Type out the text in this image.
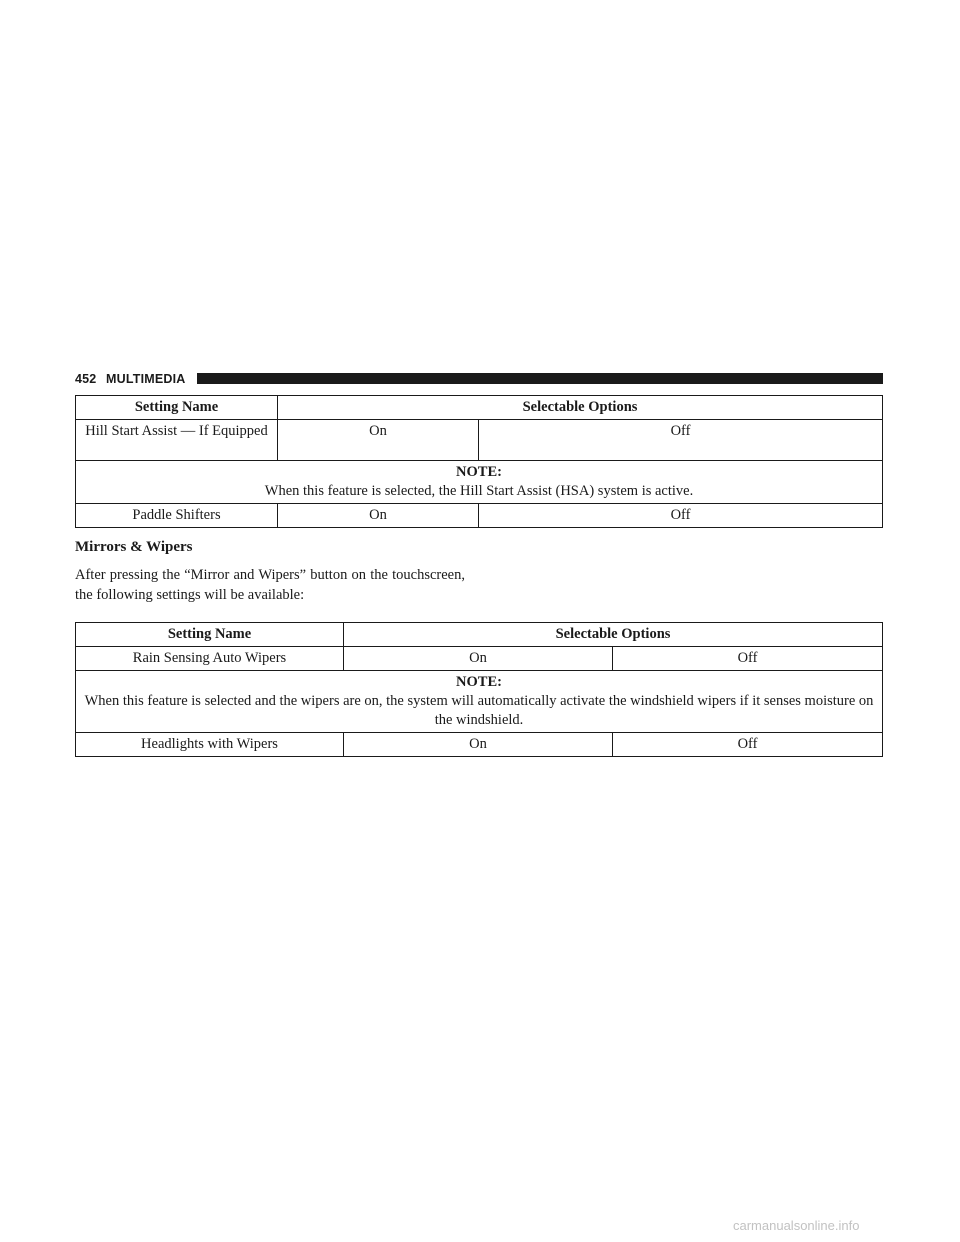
452 MULTIMEDIA
Setting Name	Selectable Options	
Hill Start Assist — If Equipped	On	Off

NOTE:
When this feature is selected, the Hill Start Assist (HSA) system is active.		
Paddle Shifters	On	Off
Mirrors & Wipers

After pressing the “Mirror and Wipers” button on the touchscreen, the following settings will be available:

Setting Name	Selectable Options	
Rain Sensing Auto Wipers	On	Off

NOTE:
When this feature is selected and the wipers are on, the system will automatically activate the windshield wipers if it senses moisture on the windshield.		
Headlights with Wipers	On	Off
carmanualsonline.info
